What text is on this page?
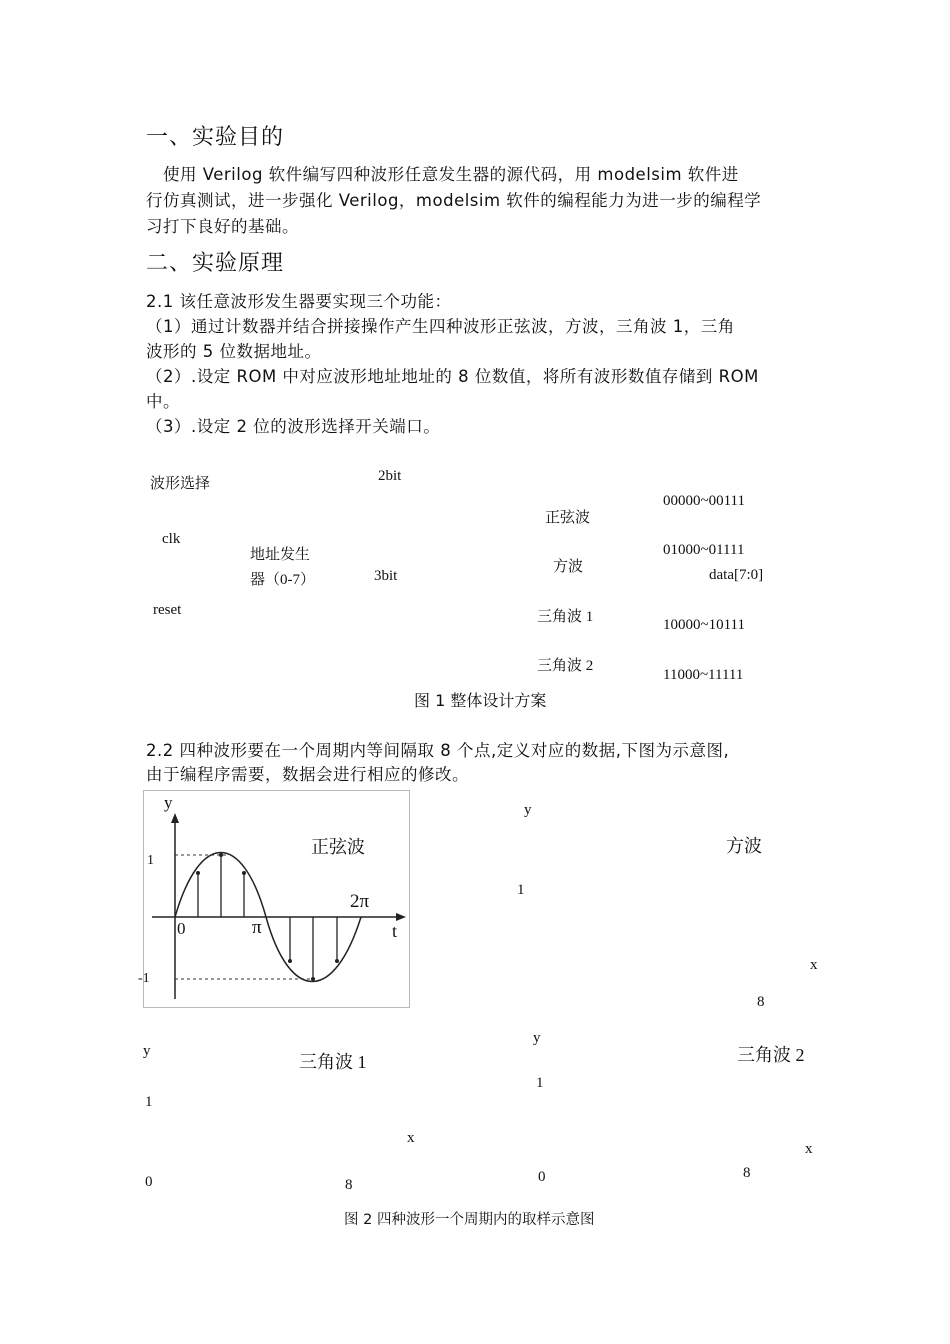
一、实验目的
　使用 Verilog 软件编写四种波形任意发生器的源代码，用 modelsim 软件进
行仿真测试，进一步强化 Verilog，modelsim 软件的编程能力为进一步的编程学
习打下良好的基础。
二、实验原理
2.1 该任意波形发生器要实现三个功能：
（1）通过计数器并结合拼接操作产生四种波形正弦波，方波，三角波 1，三角
波形的 5 位数据地址。
（2）.设定 ROM 中对应波形地址地址的 8 位数值，将所有波形数值存储到 ROM
中。
（3）.设定 2 位的波形选择开关端口。
波形选择	2bit
clk
地址发生
器（0-7）	3bit
reset
正弦波
方波
三角波 1
三角波 2
00000~00111
01000~01111
data[7:0]
10000~10111
11000~11111
图 1 整体设计方案
2.2 四种波形要在一个周期内等间隔取 8 个点,定义对应的数据,下图为示意图,
由于编程序需要，数据会进行相应的修改。
y
正弦波
1
0	π
2π
t
-1
y
方波
1
x
8
y
三角波 1
1
x
0	8
y
三角波 2
1
x
0	8
图 2 四种波形一个周期内的取样示意图
